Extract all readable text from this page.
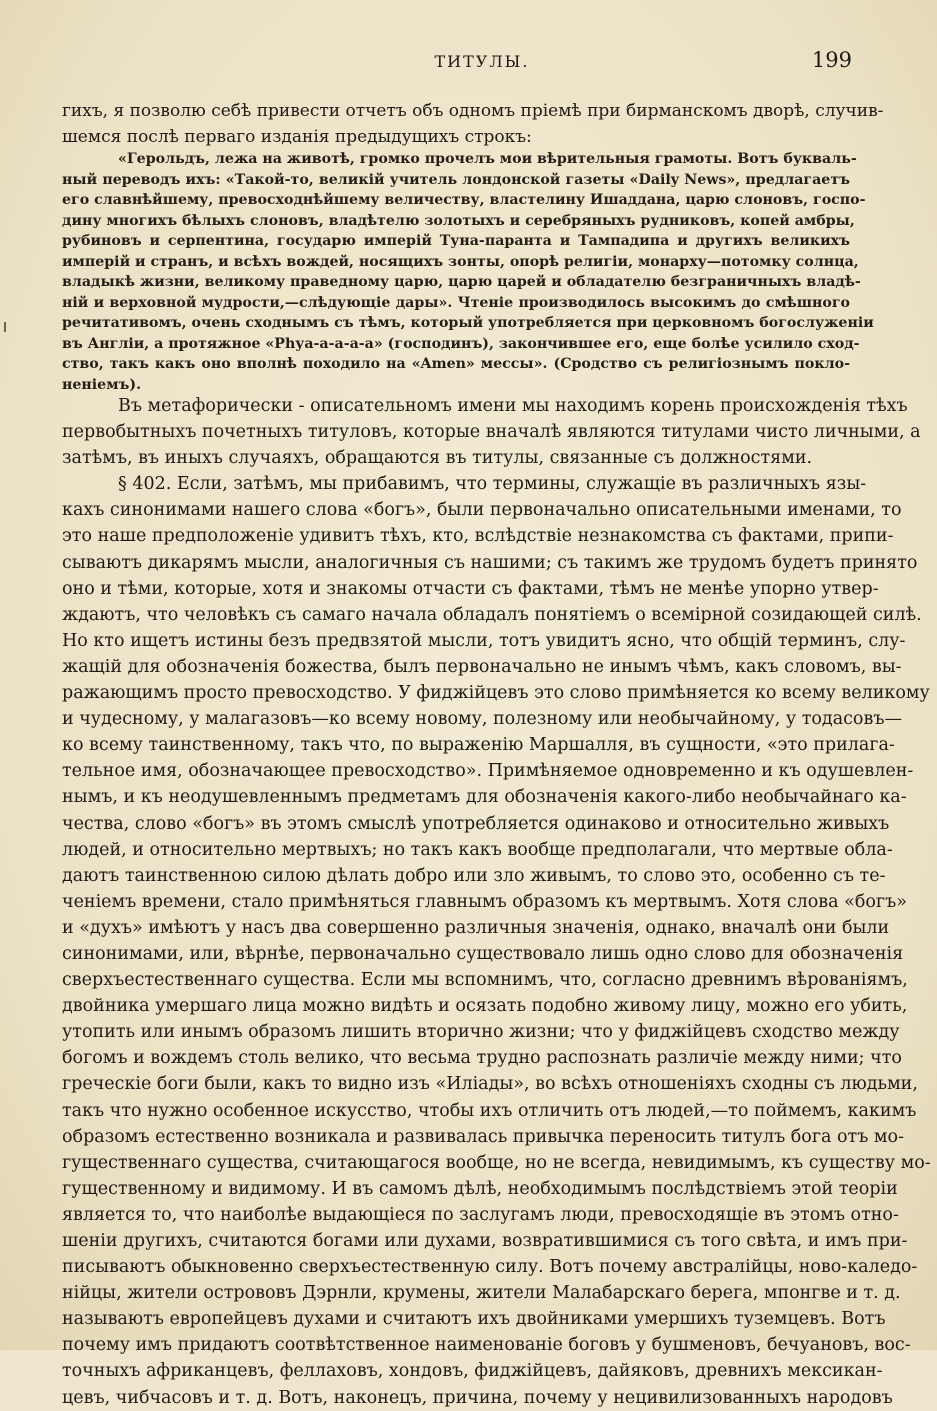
ТИТУЛЫ.	199
гихъ, я позволю себѣ привести отчетъ объ одномъ пріемѣ при бирманскомъ дворѣ, случив-
шемся послѣ перваго изданія предыдущихъ строкъ:
«Герольдъ, лежа на животѣ, громко прочелъ мои вѣрительныя грамоты. Вотъ букваль-
ный переводъ ихъ: «Такой-то, великій учитель лондонской газеты «Daily News», предлагаетъ
его славнѣйшему, превосходнѣйшему величеству, властелину Ишаддана, царю слоновъ, госпо-
дину многихъ бѣлыхъ слоновъ, владѣтелю золотыхъ и серебряныхъ рудниковъ, копей амбры,
рубиновъ и серпентина, государю имперій Туна-паранта и Тампадипа и другихъ великихъ
имперій и странъ, и всѣхъ вождей, носящихъ зонты, опорѣ религіи, монарху—потомку солнца,
владыкѣ жизни, великому праведному царю, царю царей и обладателю безграничныхъ владѣ-
ній и верховной мудрости,—слѣдующіе дары». Чтеніе производилось высокимъ до смѣшного
речитативомъ, очень сходнымъ съ тѣмъ, который употребляется при церковномъ богослуженіи
въ Англіи, а протяжное «Рhуа-а-а-а-а» (господинъ), закончившее его, еще болѣе усилило сход-
ство, такъ какъ оно вполнѣ походило на «Amen» мессы». (Сродство съ религіознымъ покло-
неніемъ).
Въ метафорически - описательномъ имени мы находимъ корень происхожденія тѣхъ
первобытныхъ почетныхъ титуловъ, которые вначалѣ являются титулами чисто личными, а
затѣмъ, въ иныхъ случаяхъ, обращаются въ титулы, связанные съ должностями.
§ 402. Если, затѣмъ, мы прибавимъ, что термины, служащіе въ различныхъ язы-
кахъ синонимами нашего слова «богъ», были первоначально описательными именами, то
это наше предположеніе удивитъ тѣхъ, кто, вслѣдствіе незнакомства съ фактами, припи-
сываютъ дикарямъ мысли, аналогичныя съ нашими; съ такимъ же трудомъ будетъ принято
оно и тѣми, которые, хотя и знакомы отчасти съ фактами, тѣмъ не менѣе упорно утвер-
ждаютъ, что человѣкъ съ самаго начала обладалъ понятіемъ о всемірной созидающей силѣ.
Но кто ищетъ истины безъ предвзятой мысли, тотъ увидитъ ясно, что общій терминъ, слу-
жащій для обозначенія божества, былъ первоначально не инымъ чѣмъ, какъ словомъ, вы-
ражающимъ просто превосходство. У фиджійцевъ это слово примѣняется ко всему великому
и чудесному, у малагазовъ—ко всему новому, полезному или необычайному, у тодасовъ—
ко всему таинственному, такъ что, по выраженію Маршалля, въ сущности, «это прилага-
тельное имя, обозначающее превосходство». Примѣняемое одновременно и къ одушевлен-
нымъ, и къ неодушевленнымъ предметамъ для обозначенія какого-либо необычайнаго ка-
чества, слово «богъ» въ этомъ смыслѣ употребляется одинаково и относительно живыхъ
людей, и относительно мертвыхъ; но такъ какъ вообще предполагали, что мертвые обла-
даютъ таинственною силою дѣлать добро или зло живымъ, то слово это, особенно съ те-
ченіемъ времени, стало примѣняться главнымъ образомъ къ мертвымъ. Хотя слова «богъ»
и «духъ» имѣютъ у насъ два совершенно различныя значенія, однако, вначалѣ они были
синонимами, или, вѣрнѣе, первоначально существовало лишь одно слово для обозначенія
сверхъестественнаго существа. Если мы вспомнимъ, что, согласно древнимъ вѣрованіямъ,
двойника умершаго лица можно видѣть и осязать подобно живому лицу, можно его убить,
утопить или инымъ образомъ лишить вторично жизни; что у фиджійцевъ сходство между
богомъ и вождемъ столь велико, что весьма трудно распознать различіе между ними; что
греческіе боги были, какъ то видно изъ «Иліады», во всѣхъ отношеніяхъ сходны съ людьми,
такъ что нужно особенное искусство, чтобы ихъ отличить отъ людей,—то поймемъ, какимъ
образомъ естественно возникала и развивалась привычка переносить титулъ бога отъ мо-
гущественнаго существа, считающагося вообще, но не всегда, невидимымъ, къ существу мо-
гущественному и видимому. И въ самомъ дѣлѣ, необходимымъ послѣдствіемъ этой теоріи
является то, что наиболѣе выдающіеся по заслугамъ люди, превосходящіе въ этомъ отно-
шеніи другихъ, считаются богами или духами, возвратившимися съ того свѣта, и имъ при-
писываютъ обыкновенно сверхъестественную силу. Вотъ почему австралійцы, ново-каледо-
нійцы, жители острововъ Дэрнли, крумены, жители Малабарскаго берега, мпонгве и т. д.
называютъ европейцевъ духами и считаютъ ихъ двойниками умершихъ туземцевъ. Вотъ
почему имъ придаютъ соотвѣтственное наименованіе боговъ у бушменовъ, бечуановъ, вос-
точныхъ африканцевъ, феллаховъ, хондовъ, фиджійцевъ, дайяковъ, древнихъ мексикан-
цевъ, чибчасовъ и т. д. Вотъ, наконецъ, причина, почему у нецивилизованныхъ народовъ
